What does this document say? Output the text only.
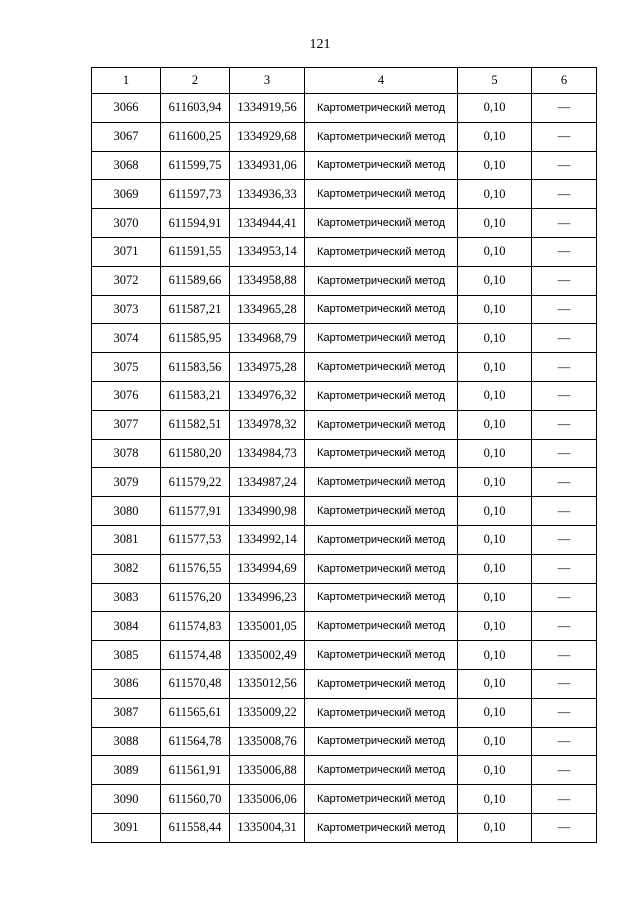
121
1	2	3	4	5	6
3066	611603,94	1334919,56	Картометрический метод	0,10	—
3067	611600,25	1334929,68	Картометрический метод	0,10	—
3068	611599,75	1334931,06	Картометрический метод	0,10	—
3069	611597,73	1334936,33	Картометрический метод	0,10	—
3070	611594,91	1334944,41	Картометрический метод	0,10	—
3071	611591,55	1334953,14	Картометрический метод	0,10	—
3072	611589,66	1334958,88	Картометрический метод	0,10	—
3073	611587,21	1334965,28	Картометрический метод	0,10	—
3074	611585,95	1334968,79	Картометрический метод	0,10	—
3075	611583,56	1334975,28	Картометрический метод	0,10	—
3076	611583,21	1334976,32	Картометрический метод	0,10	—
3077	611582,51	1334978,32	Картометрический метод	0,10	—
3078	611580,20	1334984,73	Картометрический метод	0,10	—
3079	611579,22	1334987,24	Картометрический метод	0,10	—
3080	611577,91	1334990,98	Картометрический метод	0,10	—
3081	611577,53	1334992,14	Картометрический метод	0,10	—
3082	611576,55	1334994,69	Картометрический метод	0,10	—
3083	611576,20	1334996,23	Картометрический метод	0,10	—
3084	611574,83	1335001,05	Картометрический метод	0,10	—
3085	611574,48	1335002,49	Картометрический метод	0,10	—
3086	611570,48	1335012,56	Картометрический метод	0,10	—
3087	611565,61	1335009,22	Картометрический метод	0,10	—
3088	611564,78	1335008,76	Картометрический метод	0,10	—
3089	611561,91	1335006,88	Картометрический метод	0,10	—
3090	611560,70	1335006,06	Картометрический метод	0,10	—
3091	611558,44	1335004,31	Картометрический метод	0,10	—
